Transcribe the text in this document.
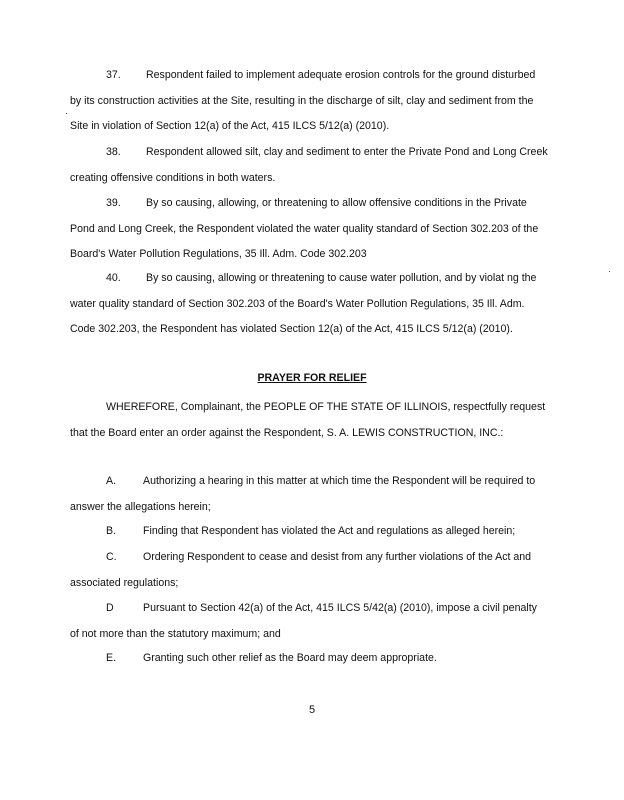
37. Respondent failed to implement adequate erosion controls for the ground disturbed by its construction activities at the Site, resulting in the discharge of silt, clay and sediment from the Site in violation of Section 12(a) of the Act, 415 ILCS 5/12(a) (2010).

38. Respondent allowed silt, clay and sediment to enter the Private Pond and Long Creek creating offensive conditions in both waters.

39. By so causing, allowing, or threatening to allow offensive conditions in the Private Pond and Long Creek, the Respondent violated the water quality standard of Section 302.203 of the Board's Water Pollution Regulations, 35 Ill. Adm. Code 302.203

40. By so causing, allowing or threatening to cause water pollution, and by violat ng the water quality standard of Section 302.203 of the Board's Water Pollution Regulations, 35 Ill. Adm. Code 302.203, the Respondent has violated Section 12(a) of the Act, 415 ILCS 5/12(a) (2010).

PRAYER FOR RELIEF

WHEREFORE, Complainant, the PEOPLE OF THE STATE OF ILLINOIS, respectfully request that the Board enter an order against the Respondent, S. A. LEWIS CONSTRUCTION, INC.:

A.	Authorizing a hearing in this matter at which time the Respondent will be required to answer the allegations herein;

B.	Finding that Respondent has violated the Act and regulations as alleged herein;

C. Ordering Respondent to cease and desist from any further violations of the Act and associated regulations;

D	Pursuant to Section 42(a) of the Act, 415 ILCS 5/42(a) (2010), impose a civil penalty of not more than the statutory maximum; and

E.	Granting such other relief as the Board may deem appropriate.

5
